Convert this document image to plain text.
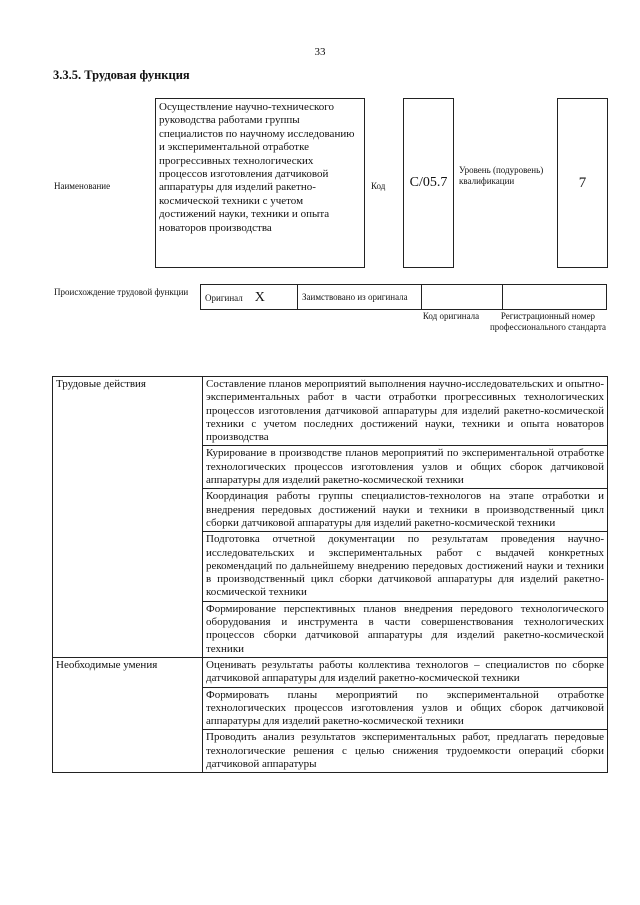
33
3.3.5. Трудовая функция
Наименование
Осуществление научно-технического руководства работами группы специалистов по научному исследованию и экспериментальной отработке прогрессивных технологических процессов изготовления датчиковой аппаратуры для изделий ракетно-космической техники с учетом достижений науки, техники и опыта новаторов производства
Код С/05.7
Уровень (подуровень) квалификации	7
Происхождение трудовой функции
Оригинал X	Заимствовано из оригинала		
Код оригинала	Регистрационный номер профессионального стандарта
Трудовые действия	Составление планов мероприятий выполнения научно-исследовательских и опытно-экспериментальных работ в части отработки прогрессивных технологических процессов изготовления датчиковой аппаратуры для изделий ракетно-космической техники с учетом последних достижений науки, техники и опыта новаторов производства
	Курирование в производстве планов мероприятий по экспериментальной отработке технологических процессов изготовления узлов и общих сборок датчиковой аппаратуры для изделий ракетно-космической техники
	Координация работы группы специалистов-технологов на этапе отработки и внедрения передовых достижений науки и техники в производственный цикл сборки датчиковой аппаратуры для изделий ракетно-космической техники
	Подготовка отчетной документации по результатам проведения научно-исследовательских и экспериментальных работ с выдачей конкретных рекомендаций по дальнейшему внедрению передовых достижений науки и техники в производственный цикл сборки датчиковой аппаратуры для изделий ракетно-космической техники
	Формирование перспективных планов внедрения передового технологического оборудования и инструмента в части совершенствования технологических процессов сборки датчиковой аппаратуры для изделий ракетно-космической техники
Необходимые умения	Оценивать результаты работы коллектива технологов – специалистов по сборке датчиковой аппаратуры для изделий ракетно-космической техники
	Формировать планы мероприятий по экспериментальной отработке технологических процессов изготовления узлов и общих сборок датчиковой аппаратуры для изделий ракетно-космической техники
	Проводить анализ результатов экспериментальных работ, предлагать передовые технологические решения с целью снижения трудоемкости операций сборки датчиковой аппаратуры
